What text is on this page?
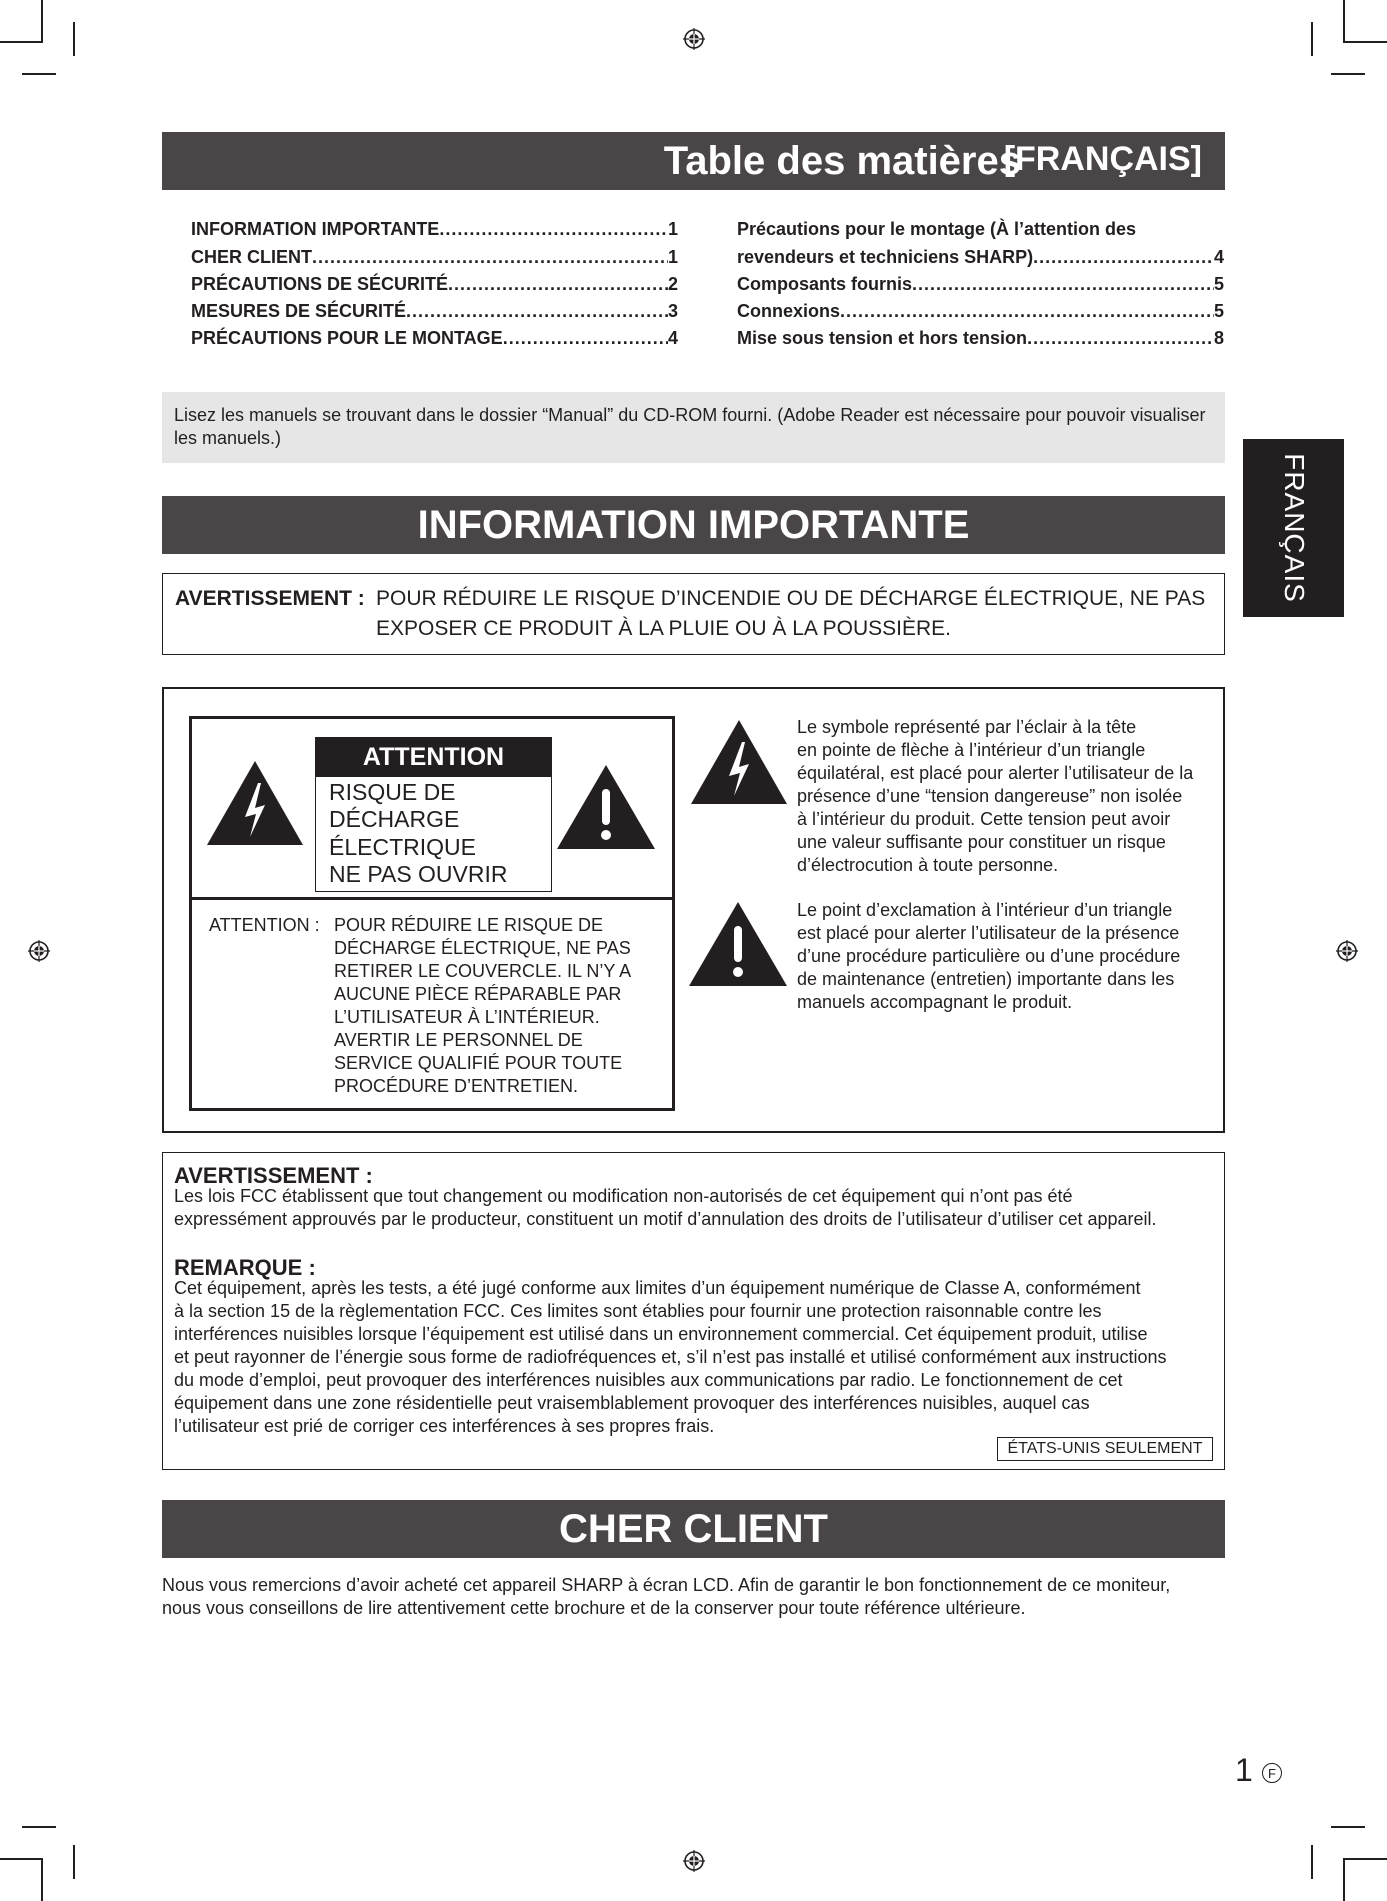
Table des matières
[FRANÇAIS]
INFORMATION IMPORTANTE .....	1
CHER CLIENT .....	1
PRÉCAUTIONS DE SÉCURITÉ .....	2
MESURES DE SÉCURITÉ .....	3
PRÉCAUTIONS POUR LE MONTAGE .....	4
Précautions pour le montage (À l’attention des
revendeurs et techniciens SHARP) .....	4
Composants fournis .....	5
Connexions .....	5
Mise sous tension et hors tension .....	8

Lisez les manuels se trouvant dans le dossier “Manual” du CD-ROM fourni. (Adobe Reader est nécessaire pour pouvoir visualiser les manuels.)

FRANÇAIS
INFORMATION IMPORTANTE
AVERTISSEMENT : POUR RÉDUIRE LE RISQUE D’INCENDIE OU DE DÉCHARGE ÉLECTRIQUE, NE PAS EXPOSER CE PRODUIT À LA PLUIE OU À LA POUSSIÈRE.
ATTENTION
RISQUE DE
DÉCHARGE
ÉLECTRIQUE
NE PAS OUVRIR
ATTENTION : POUR RÉDUIRE LE RISQUE DE
DÉCHARGE ÉLECTRIQUE, NE PAS
RETIRER LE COUVERCLE. IL N’Y A
AUCUNE PIÈCE RÉPARABLE PAR
L’UTILISATEUR À L’INTÉRIEUR.
AVERTIR LE PERSONNEL DE
SERVICE QUALIFIÉ POUR TOUTE
PROCÉDURE D’ENTRETIEN.
Le symbole représenté par l’éclair à la tête
en pointe de flèche à l’intérieur d’un triangle
équilatéral, est placé pour alerter l’utilisateur de la
présence d’une “tension dangereuse” non isolée
à l’intérieur du produit. Cette tension peut avoir
une valeur suffisante pour constituer un risque
d’électrocution à toute personne.
Le point d’exclamation à l’intérieur d’un triangle
est placé pour alerter l’utilisateur de la présence
d’une procédure particulière ou d’une procédure
de maintenance (entretien) importante dans les
manuels accompagnant le produit.
AVERTISSEMENT :
Les lois FCC établissent que tout changement ou modification non-autorisés de cet équipement qui n’ont pas été
expressément approuvés par le producteur, constituent un motif d’annulation des droits de l’utilisateur d’utiliser cet appareil.
REMARQUE :
Cet équipement, après les tests, a été jugé conforme aux limites d’un équipement numérique de Classe A, conformément
à la section 15 de la règlementation FCC. Ces limites sont établies pour fournir une protection raisonnable contre les
interférences nuisibles lorsque l’équipement est utilisé dans un environnement commercial. Cet équipement produit, utilise
et peut rayonner de l’énergie sous forme de radiofréquences et, s’il n’est pas installé et utilisé conformément aux instructions
du mode d’emploi, peut provoquer des interférences nuisibles aux communications par radio. Le fonctionnement de cet
équipement dans une zone résidentielle peut vraisemblablement provoquer des interférences nuisibles, auquel cas
l’utilisateur est prié de corriger ces interférences à ses propres frais.
ÉTATS-UNIS SEULEMENT
CHER CLIENT
Nous vous remercions d’avoir acheté cet appareil SHARP à écran LCD. Afin de garantir le bon fonctionnement de ce moniteur,
nous vous conseillons de lire attentivement cette brochure et de la conserver pour toute référence ultérieure.
1	F
